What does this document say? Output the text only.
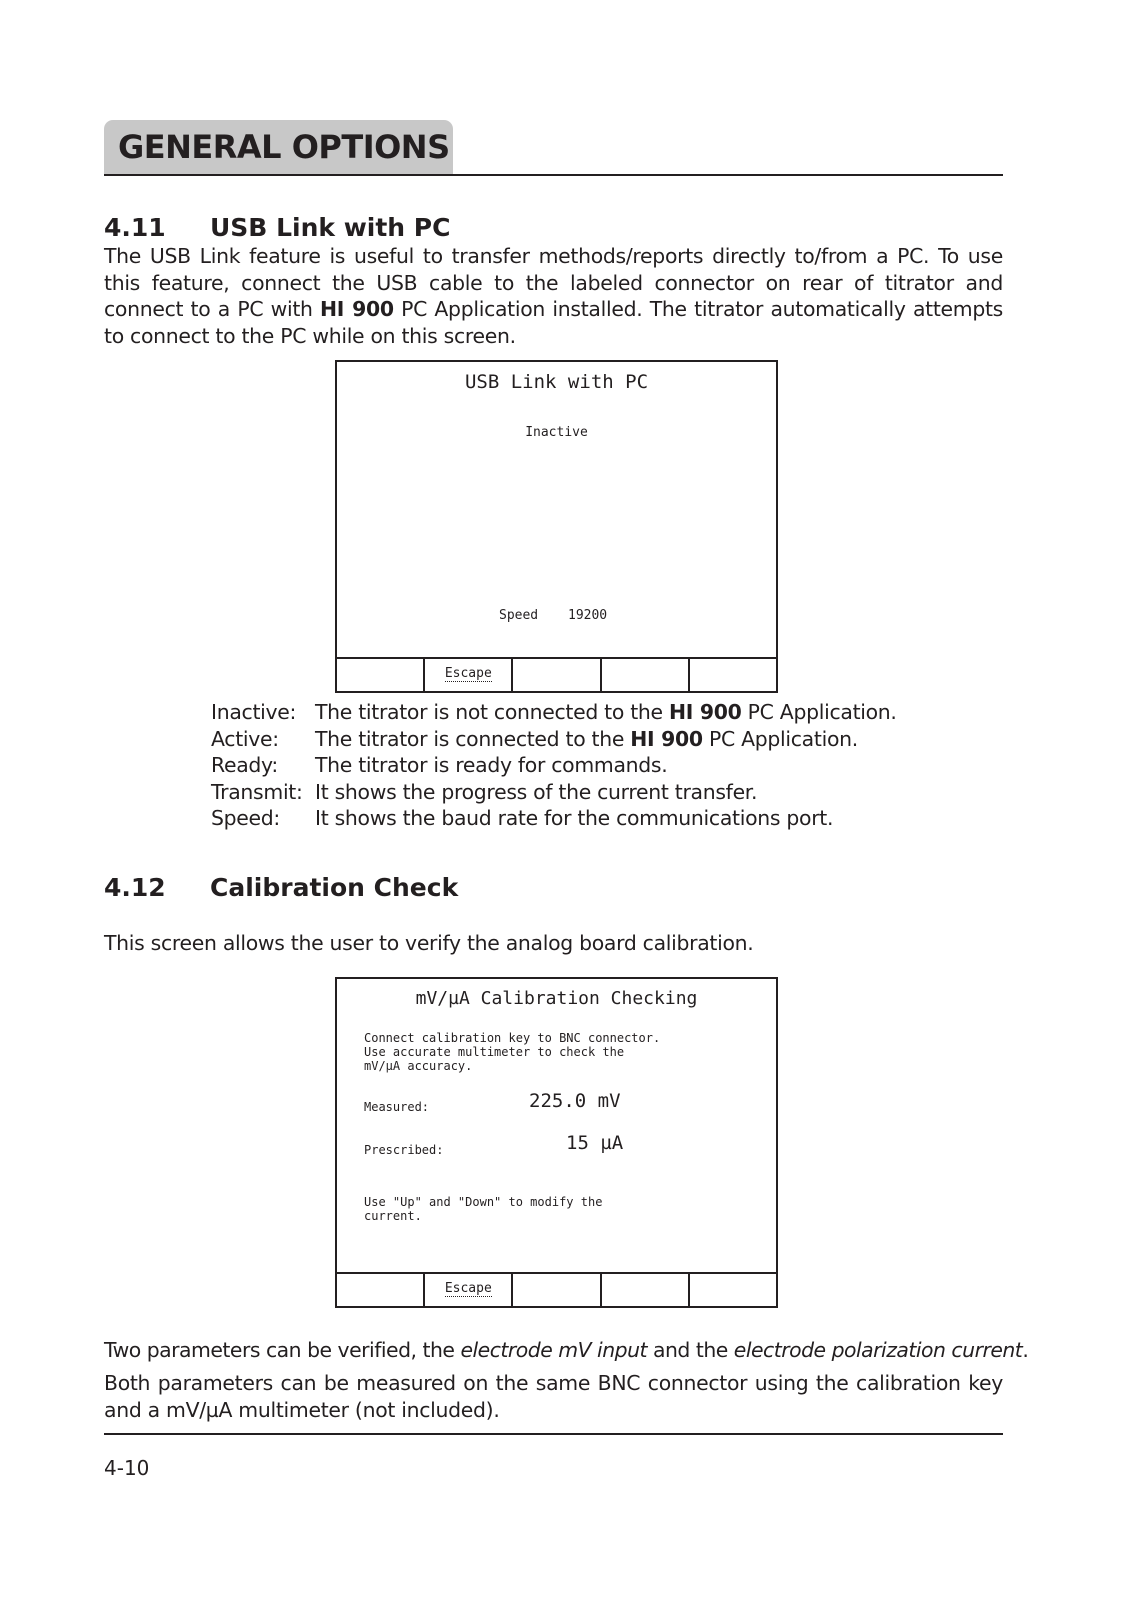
GENERAL OPTIONS
4.11 USB Link with PC
The USB Link feature is useful to transfer methods/reports directly to/from a PC. To use this feature, connect the USB cable to the labeled connector on rear of titrator and connect to a PC with HI 900 PC Application installed. The titrator automatically attempts to connect to the PC while on this screen.
USB Link with PC
Inactive
Speed 19200
Escape
Inactive: The titrator is not connected to the HI 900 PC Application.
Active: The titrator is connected to the HI 900 PC Application.
Ready: The titrator is ready for commands.
Transmit: It shows the progress of the current transfer.
Speed: It shows the baud rate for the communications port.
4.12 Calibration Check
This screen allows the user to verify the analog board calibration.
mV/µA Calibration Checking
Connect calibration key to BNC connector.
Use accurate multimeter to check the
mV/µA accuracy.
Measured:	225.0 mV
Prescribed:	15 µA
Use "Up" and "Down" to modify the
current.
Escape
Two parameters can be verified, the electrode mV input and the electrode polarization current.
Both parameters can be measured on the same BNC connector using the calibration key and a mV/µA multimeter (not included).
4-10
